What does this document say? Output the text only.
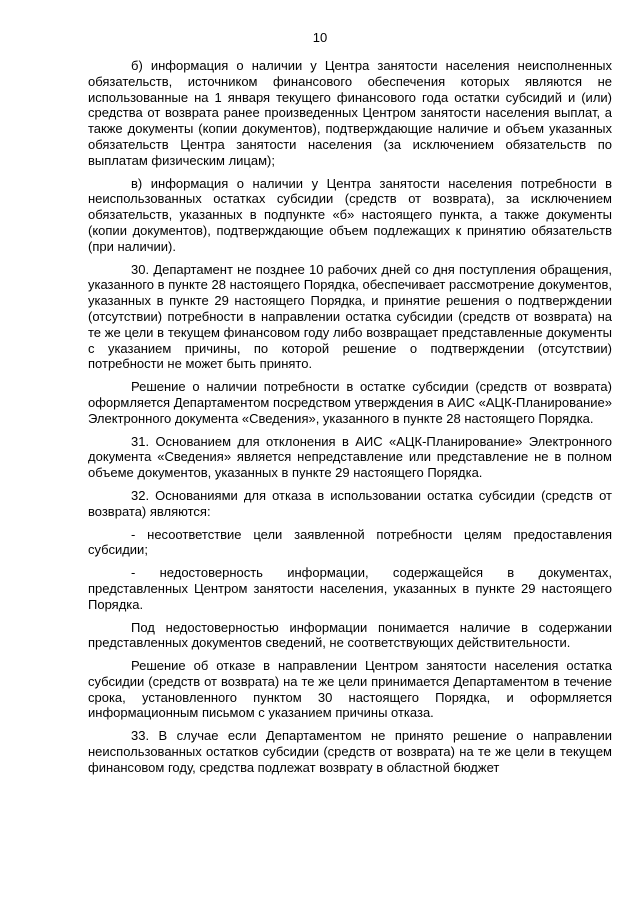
10

б) информация о наличии у Центра занятости населения неисполненных обязательств, источником финансового обеспечения которых являются не использованные на 1 января текущего финансового года остатки субсидий и (или) средства от возврата ранее произведенных Центром занятости населения выплат, а также документы (копии документов), подтверждающие наличие и объем указанных обязательств Центра занятости населения (за исключением обязательств по выплатам физическим лицам);

в) информация о наличии у Центра занятости населения потребности в неиспользованных остатках субсидии (средств от возврата), за исключением обязательств, указанных в подпункте «б» настоящего пункта, а также документы (копии документов), подтверждающие объем подлежащих к принятию обязательств (при наличии).

30. Департамент не позднее 10 рабочих дней со дня поступления обращения, указанного в пункте 28 настоящего Порядка, обеспечивает рассмотрение документов, указанных в пункте 29 настоящего Порядка, и принятие решения о подтверждении (отсутствии) потребности в направлении остатка субсидии (средств от возврата) на те же цели в текущем финансовом году либо возвращает представленные документы с указанием причины, по которой решение о подтверждении (отсутствии) потребности не может быть принято.

Решение о наличии потребности в остатке субсидии (средств от возврата) оформляется Департаментом посредством утверждения в АИС «АЦК-Планирование» Электронного документа «Сведения», указанного в пункте 28 настоящего Порядка.

31. Основанием для отклонения в АИС «АЦК-Планирование» Электронного документа «Сведения» является непредставление или представление не в полном объеме документов, указанных в пункте 29 настоящего Порядка.

32. Основаниями для отказа в использовании остатка субсидии (средств от возврата) являются:

- несоответствие цели заявленной потребности целям предоставления субсидии;

- недостоверность информации, содержащейся в документах, представленных Центром занятости населения, указанных в пункте 29 настоящего Порядка.

Под недостоверностью информации понимается наличие в содержании представленных документов сведений, не соответствующих действительности.

Решение об отказе в направлении Центром занятости населения остатка субсидии (средств от возврата) на те же цели принимается Департаментом в течение срока, установленного пунктом 30 настоящего Порядка, и оформляется информационным письмом с указанием причины отказа.

33. В случае если Департаментом не принято решение о направлении неиспользованных остатков субсидии (средств от возврата) на те же цели в текущем финансовом году, средства подлежат возврату в областной бюджет
